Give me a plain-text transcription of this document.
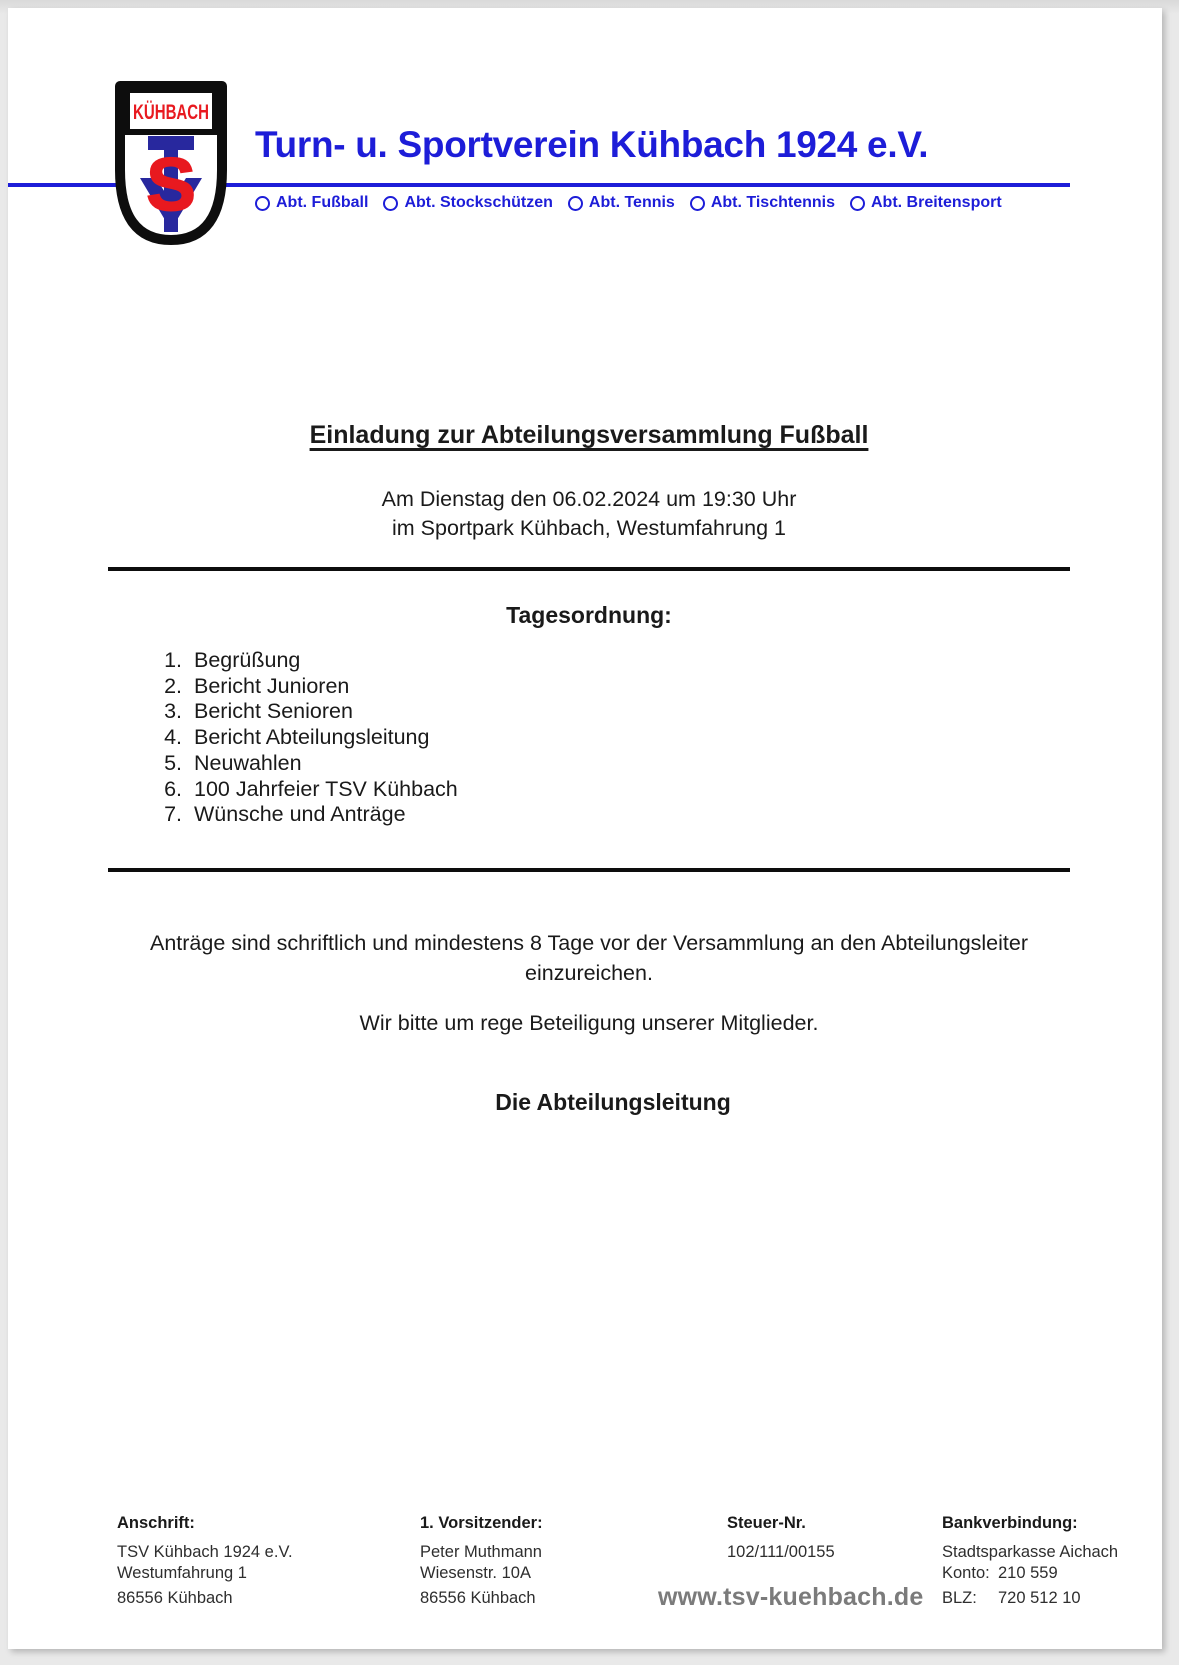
KÜHBACH
S Turn- u. Sportverein Kühbach 1924 e.V.
Abt. Fußball Abt. Stockschützen Abt. Tennis Abt. Tischtennis Abt. Breitensport
Einladung zur Abteilungsversammlung Fußball
Am Dienstag den 06.02.2024 um 19:30 Uhr
im Sportpark Kühbach, Westumfahrung 1
Tagesordnung:
1. Begrüßung
2. Bericht Junioren
3. Bericht Senioren
4. Bericht Abteilungsleitung
5. Neuwahlen
6. 100 Jahrfeier TSV Kühbach
7. Wünsche und Anträge
Anträge sind schriftlich und mindestens 8 Tage vor der Versammlung an den Abteilungsleiter
einzureichen.
Wir bitte um rege Beteiligung unserer Mitglieder.
Die Abteilungsleitung
Anschrift:
TSV Kühbach 1924 e.V.
Westumfahrung 1
86556 Kühbach
1. Vorsitzender:
Peter Muthmann
Wiesenstr. 10A
86556 Kühbach
Steuer-Nr.
102/111/00155
Bankverbindung:
Stadtsparkasse Aichach
Konto: 210 559
BLZ: 720 512 10
www.tsv-kuehbach.de
